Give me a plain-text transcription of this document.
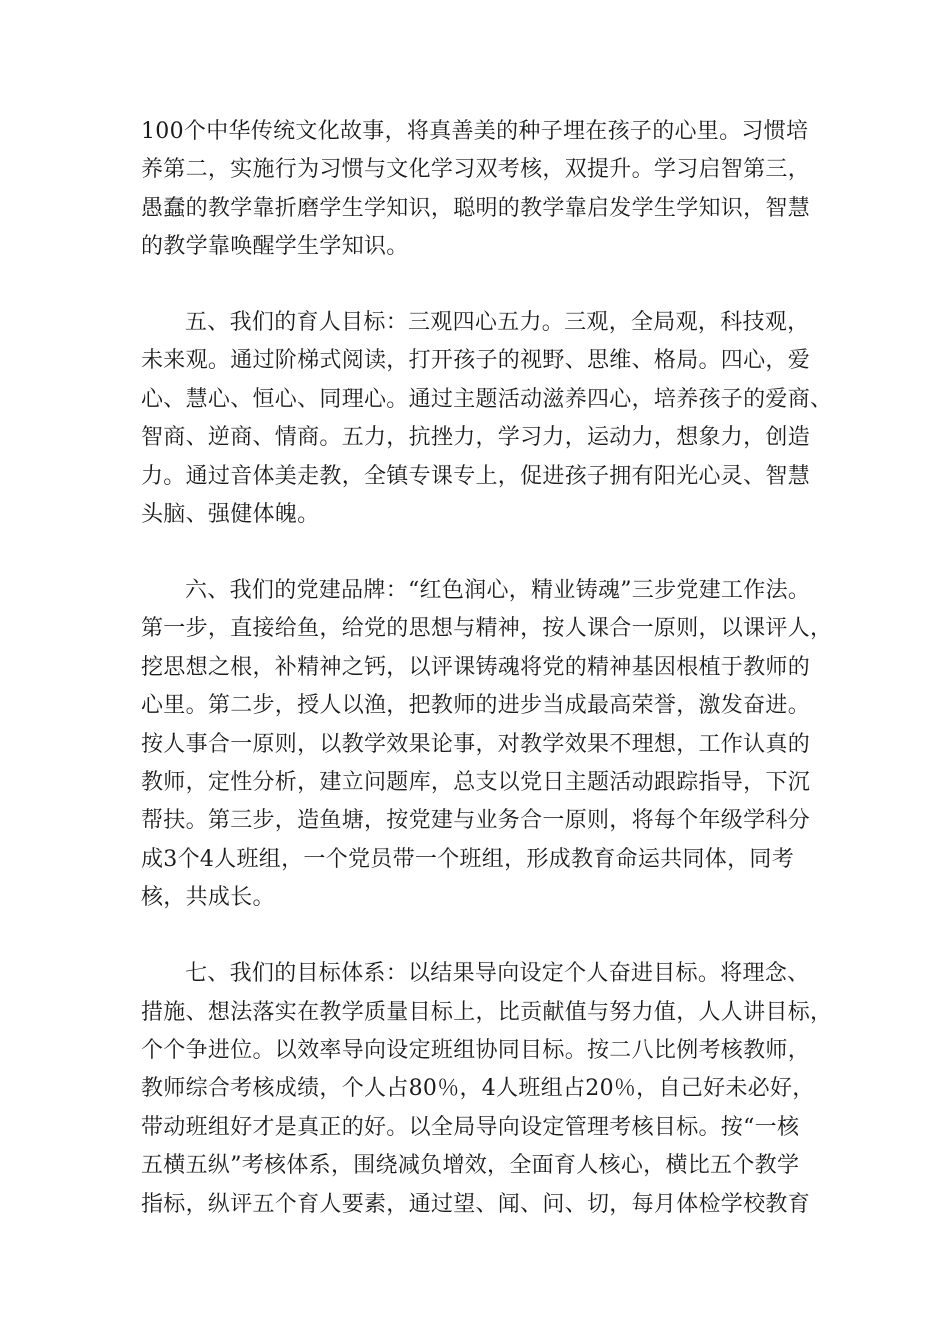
100个中华传统文化故事，将真善美的种子埋在孩子的心里。习惯培
养第二，实施行为习惯与文化学习双考核，双提升。学习启智第三，
愚蠢的教学靠折磨学生学知识，聪明的教学靠启发学生学知识，智慧
的教学靠唤醒学生学知识。
五、我们的育人目标：三观四心五力。三观，全局观，科技观，
未来观。通过阶梯式阅读，打开孩子的视野、思维、格局。四心，爱
心、慧心、恒心、同理心。通过主题活动滋养四心，培养孩子的爱商、
智商、逆商、情商。五力，抗挫力，学习力，运动力，想象力，创造
力。通过音体美走教，全镇专课专上，促进孩子拥有阳光心灵、智慧
头脑、强健体魄。
六、我们的党建品牌：“红色润心，精业铸魂”三步党建工作法。
第一步，直接给鱼，给党的思想与精神，按人课合一原则，以课评人，
挖思想之根，补精神之钙，以评课铸魂将党的精神基因根植于教师的
心里。第二步，授人以渔，把教师的进步当成最高荣誉，激发奋进。
按人事合一原则，以教学效果论事，对教学效果不理想，工作认真的
教师，定性分析，建立问题库，总支以党日主题活动跟踪指导，下沉
帮扶。第三步，造鱼塘，按党建与业务合一原则，将每个年级学科分
成3个4人班组，一个党员带一个班组，形成教育命运共同体，同考
核，共成长。
七、我们的目标体系：以结果导向设定个人奋进目标。将理念、
措施、想法落实在教学质量目标上，比贡献值与努力值，人人讲目标，
个个争进位。以效率导向设定班组协同目标。按二八比例考核教师，
教师综合考核成绩，个人占80％，4人班组占20％，自己好未必好，
带动班组好才是真正的好。以全局导向设定管理考核目标。按“一核
五横五纵”考核体系，围绕减负增效，全面育人核心，横比五个教学
指标，纵评五个育人要素，通过望、闻、问、切，每月体检学校教育
